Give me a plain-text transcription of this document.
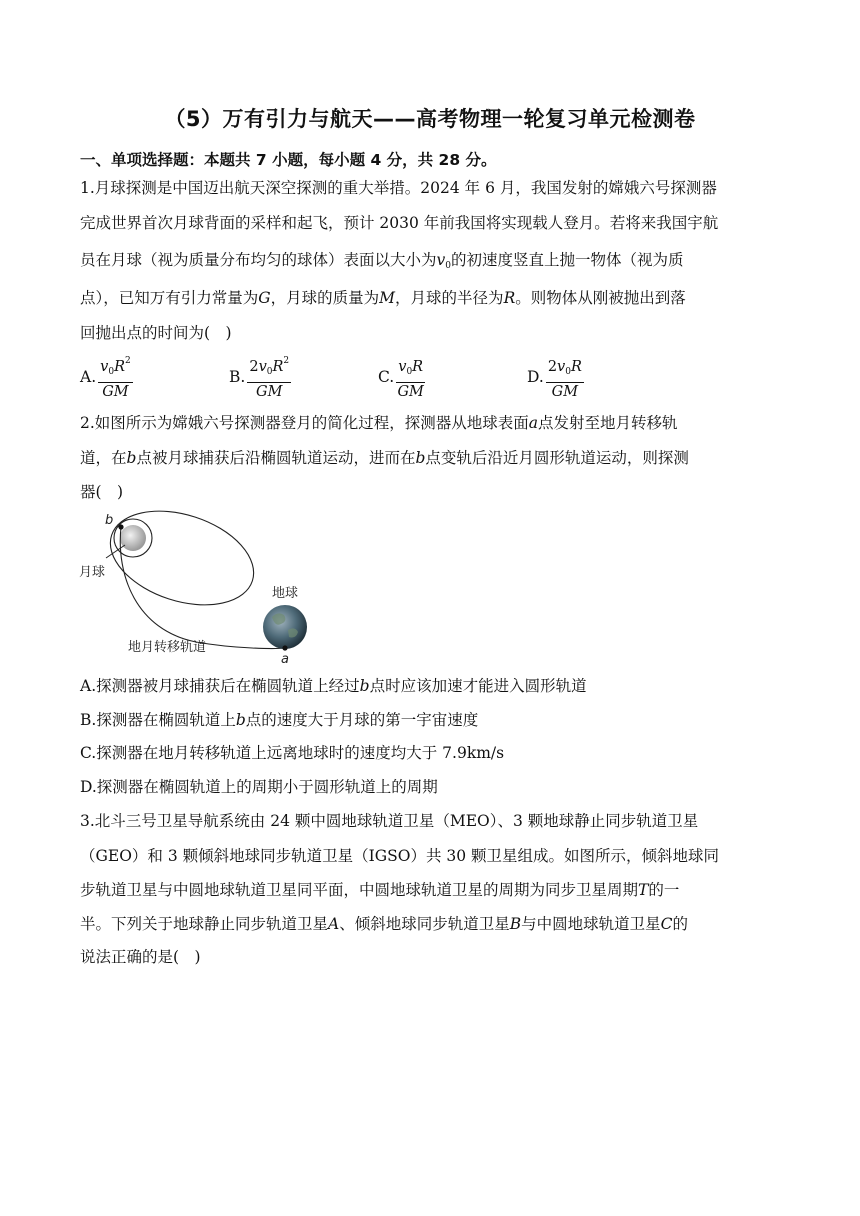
（5）万有引力与航天——高考物理一轮复习单元检测卷
一、单项选择题：本题共 7 小题，每小题 4 分，共 28 分。
1.月球探测是中国迈出航天深空探测的重大举措。2024 年 6 月，我国发射的嫦娥六号探测器
完成世界首次月球背面的采样和起飞，预计 2030 年前我国将实现载人登月。若将来我国宇航
员在月球（视为质量分布均匀的球体）表面以大小为$v_0$的初速度竖直上抛一物体（视为质
点），已知万有引力常量为G，月球的质量为M，月球的半径为R。则物体从刚被抛出到落
回抛出点的时间为(　)
A. $\frac{v_0R^2}{GM}$	B. $\frac{2v_0R^2}{GM}$	C. $\frac{v_0R}{GM}$	D. $\frac{2v_0R}{GM}$
2.如图所示为嫦娥六号探测器登月的简化过程，探测器从地球表面a点发射至地月转移轨
道，在b点被月球捕获后沿椭圆轨道运动，进而在b点变轨后沿近月圆形轨道运动，则探测
器(　)
b
月球
地球
地月转移轨道
a
A.探测器被月球捕获后在椭圆轨道上经过b点时应该加速才能进入圆形轨道
B.探测器在椭圆轨道上b点的速度大于月球的第一宇宙速度
C.探测器在地月转移轨道上远离地球时的速度均大于 7.9km/s
D.探测器在椭圆轨道上的周期小于圆形轨道上的周期
3.北斗三号卫星导航系统由 24 颗中圆地球轨道卫星（MEO）、3 颗地球静止同步轨道卫星
（GEO）和 3 颗倾斜地球同步轨道卫星（IGSO）共 30 颗卫星组成。如图所示，倾斜地球同
步轨道卫星与中圆地球轨道卫星同平面，中圆地球轨道卫星的周期为同步卫星周期T的一
半。下列关于地球静止同步轨道卫星A、倾斜地球同步轨道卫星B与中圆地球轨道卫星C的
说法正确的是(　)
